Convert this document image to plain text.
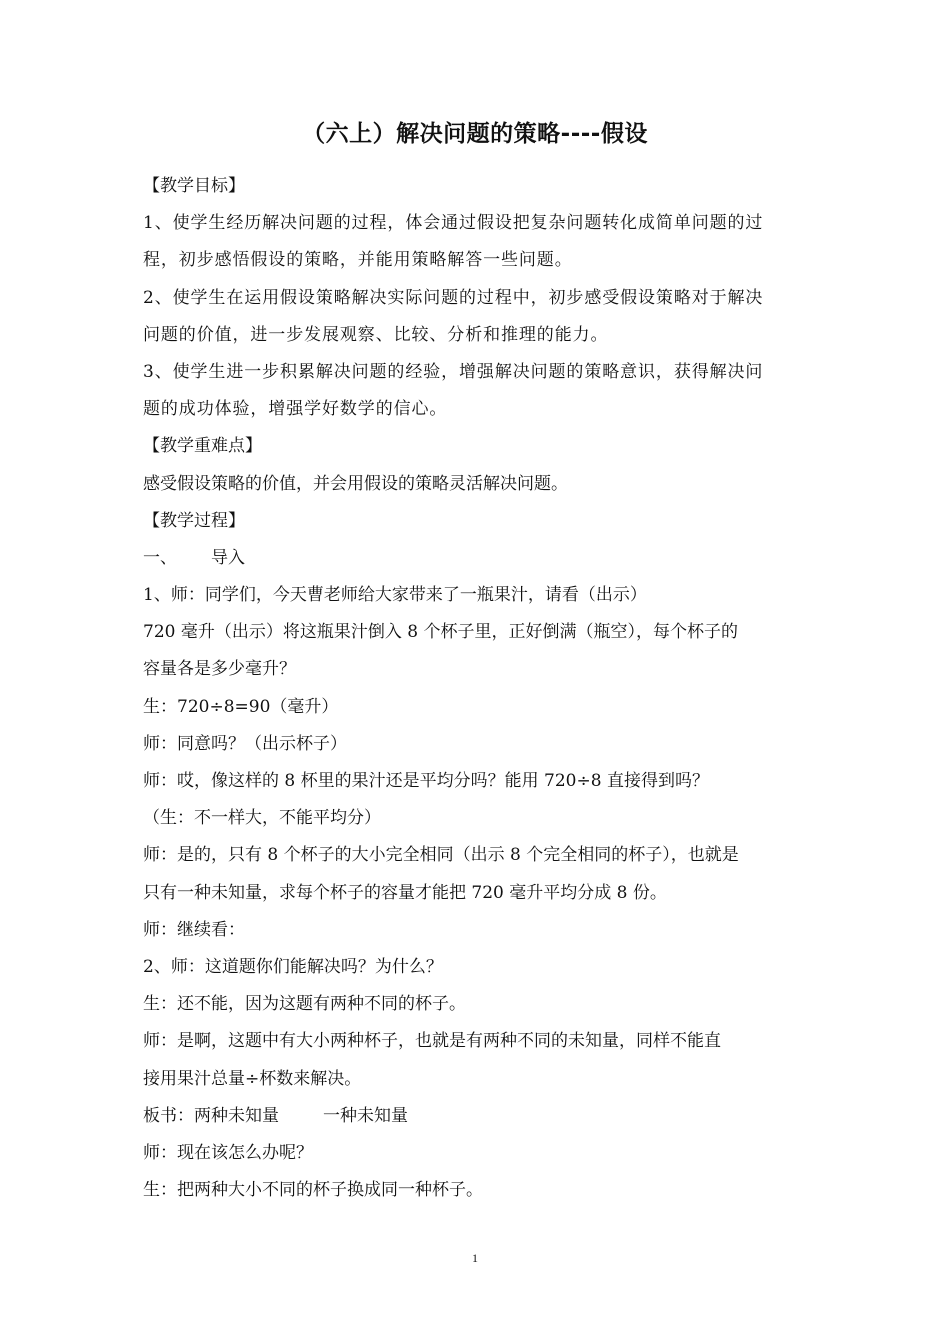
（六上）解决问题的策略----假设

【教学目标】

1、使学生经历解决问题的过程，体会通过假设把复杂问题转化成简单问题的过

程，初步感悟假设的策略，并能用策略解答一些问题。

2、使学生在运用假设策略解决实际问题的过程中，初步感受假设策略对于解决

问题的价值，进一步发展观察、比较、分析和推理的能力。

3、使学生进一步积累解决问题的经验，增强解决问题的策略意识，获得解决问

题的成功体验，增强学好数学的信心。

【教学重难点】

感受假设策略的价值，并会用假设的策略灵活解决问题。

【教学过程】

一、 导入

1、师：同学们，今天曹老师给大家带来了一瓶果汁，请看（出示）

720 毫升（出示）将这瓶果汁倒入 8 个杯子里，正好倒满（瓶空），每个杯子的

容量各是多少毫升？

生：720÷8=90（毫升）

师：同意吗？（出示杯子）

师：哎，像这样的 8 杯里的果汁还是平均分吗？能用 720÷8 直接得到吗？

（生：不一样大，不能平均分）

师：是的，只有 8 个杯子的大小完全相同（出示 8 个完全相同的杯子），也就是

只有一种未知量，求每个杯子的容量才能把 720 毫升平均分成 8 份。

师：继续看：

2、师：这道题你们能解决吗？为什么？

生：还不能，因为这题有两种不同的杯子。

师：是啊，这题中有大小两种杯子，也就是有两种不同的未知量，同样不能直

接用果汁总量÷杯数来解决。

板书：两种未知量	一种未知量

师：现在该怎么办呢？

生：把两种大小不同的杯子换成同一种杯子。

1
